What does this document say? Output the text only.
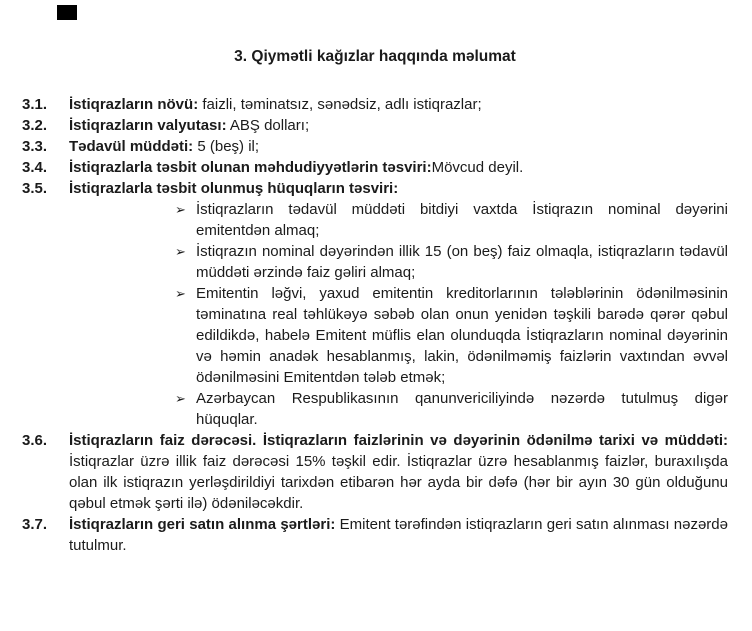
3. Qiymətli kağızlar haqqında məlumat
3.1.	İstiqrazların növü: faizli, təminatsız, sənədsiz, adlı istiqrazlar;
3.2.	İstiqrazların valyutası: ABŞ dolları;
3.3.	Tədavül müddəti: 5 (beş) il;
3.4.	İstiqrazlarla təsbit olunan məhdudiyyətlərin təsviri:Mövcud deyil.
3.5.	İstiqrazlarla təsbit olunmuş hüquqların təsviri:
➢ İstiqrazların tədavül müddəti bitdiyi vaxtda İstiqrazın nominal dəyərini emitentdən almaq;
➢ İstiqrazın nominal dəyərindən illik 15 (on beş) faiz olmaqla, istiqrazların tədavül müddəti ərzində faiz gəliri almaq;
➢ Emitentin ləğvi, yaxud emitentin kreditorlarının tələblərinin ödənilməsinin təminatına real təhlükəyə səbəb olan onun yenidən təşkili barədə qərər qəbul edildikdə, habelə Emitent müflis elan olunduqda İstiqrazların nominal dəyərinin və həmin anadək hesablanmış, lakin, ödənilməmiş faizlərin vaxtından əvvəl ödənilməsini Emitentdən tələb etmək;
➢ Azərbaycan Respublikasının qanunvericiliyində nəzərdə tutulmuş digər hüquqlar.
3.6.	İstiqrazların faiz dərəcəsi. İstiqrazların faizlərinin və dəyərinin ödənilmə tarixi və müddəti: İstiqrazlar üzrə illik faiz dərəcəsi 15% təşkil edir. İstiqrazlar üzrə hesablanmış faizlər, buraxılışda olan ilk istiqrazın yerləşdirildiyi tarixdən etibarən hər ayda bir dəfə (hər bir ayın 30 gün olduğunu qəbul etmək şərti ilə) ödəniləcəkdir.
3.7.	İstiqrazların geri satın alınma şərtləri: Emitent tərəfindən istiqrazların geri satın alınması nəzərdə tutulmur.
